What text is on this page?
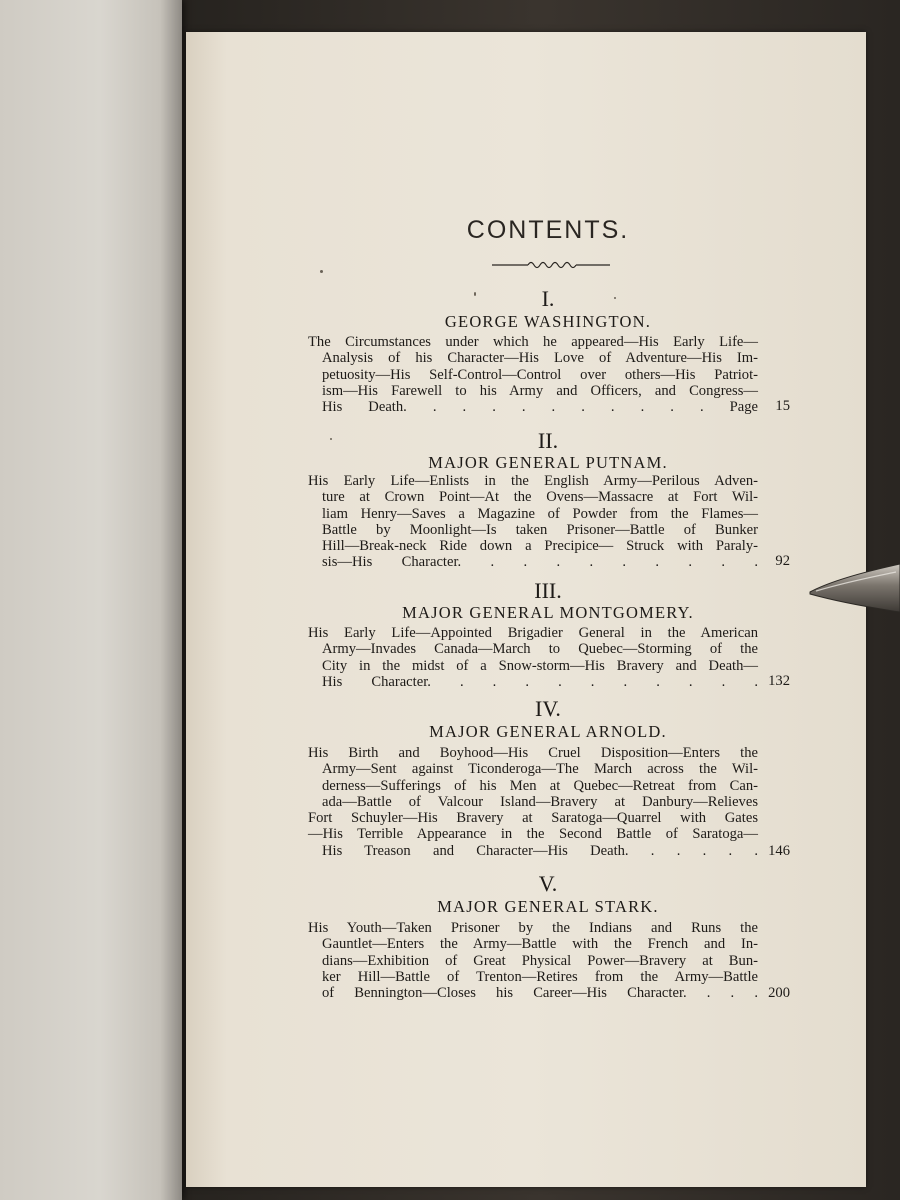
CONTENTS.
I.
GEORGE WASHINGTON.
The Circumstances under which he appeared—His Early Life—
Analysis of his Character—His Love of Adventure—His Im-
petuosity—His Self-Control—Control over others—His Patriot-
ism—His Farewell to his Army and Officers, and Congress—
His Death. . . . . . . . . . . Page	15
II.
MAJOR GENERAL PUTNAM.
His Early Life—Enlists in the English Army—Perilous Adven-
ture at Crown Point—At the Ovens—Massacre at Fort Wil-
liam Henry—Saves a Magazine of Powder from the Flames—
Battle by Moonlight—Is taken Prisoner—Battle of Bunker
Hill—Break-neck Ride down a Precipice— Struck with Paraly-
sis—His Character. . . . . . . . . .	92
III.
MAJOR GENERAL MONTGOMERY.
His Early Life—Appointed Brigadier General in the American
Army—Invades Canada—March to Quebec—Storming of the
City in the midst of a Snow-storm—His Bravery and Death—
His Character. . . . . . . . . . . 132
IV.
MAJOR GENERAL ARNOLD.
His Birth and Boyhood—His Cruel Disposition—Enters the
Army—Sent against Ticonderoga—The March across the Wil-
derness—Sufferings of his Men at Quebec—Retreat from Can-
ada—Battle of Valcour Island—Bravery at Danbury—Relieves
Fort Schuyler—His Bravery at Saratoga—Quarrel with Gates
—His Terrible Appearance in the Second Battle of Saratoga—
His Treason and Character—His Death. . . . . . 146
V.
MAJOR GENERAL STARK.
His Youth—Taken Prisoner by the Indians and Runs the
Gauntlet—Enters the Army—Battle with the French and In-
dians—Exhibition of Great Physical Power—Bravery at Bun-
ker Hill—Battle of Trenton—Retires from the Army—Battle
of Bennington—Closes his Career—His Character. . . . 200
